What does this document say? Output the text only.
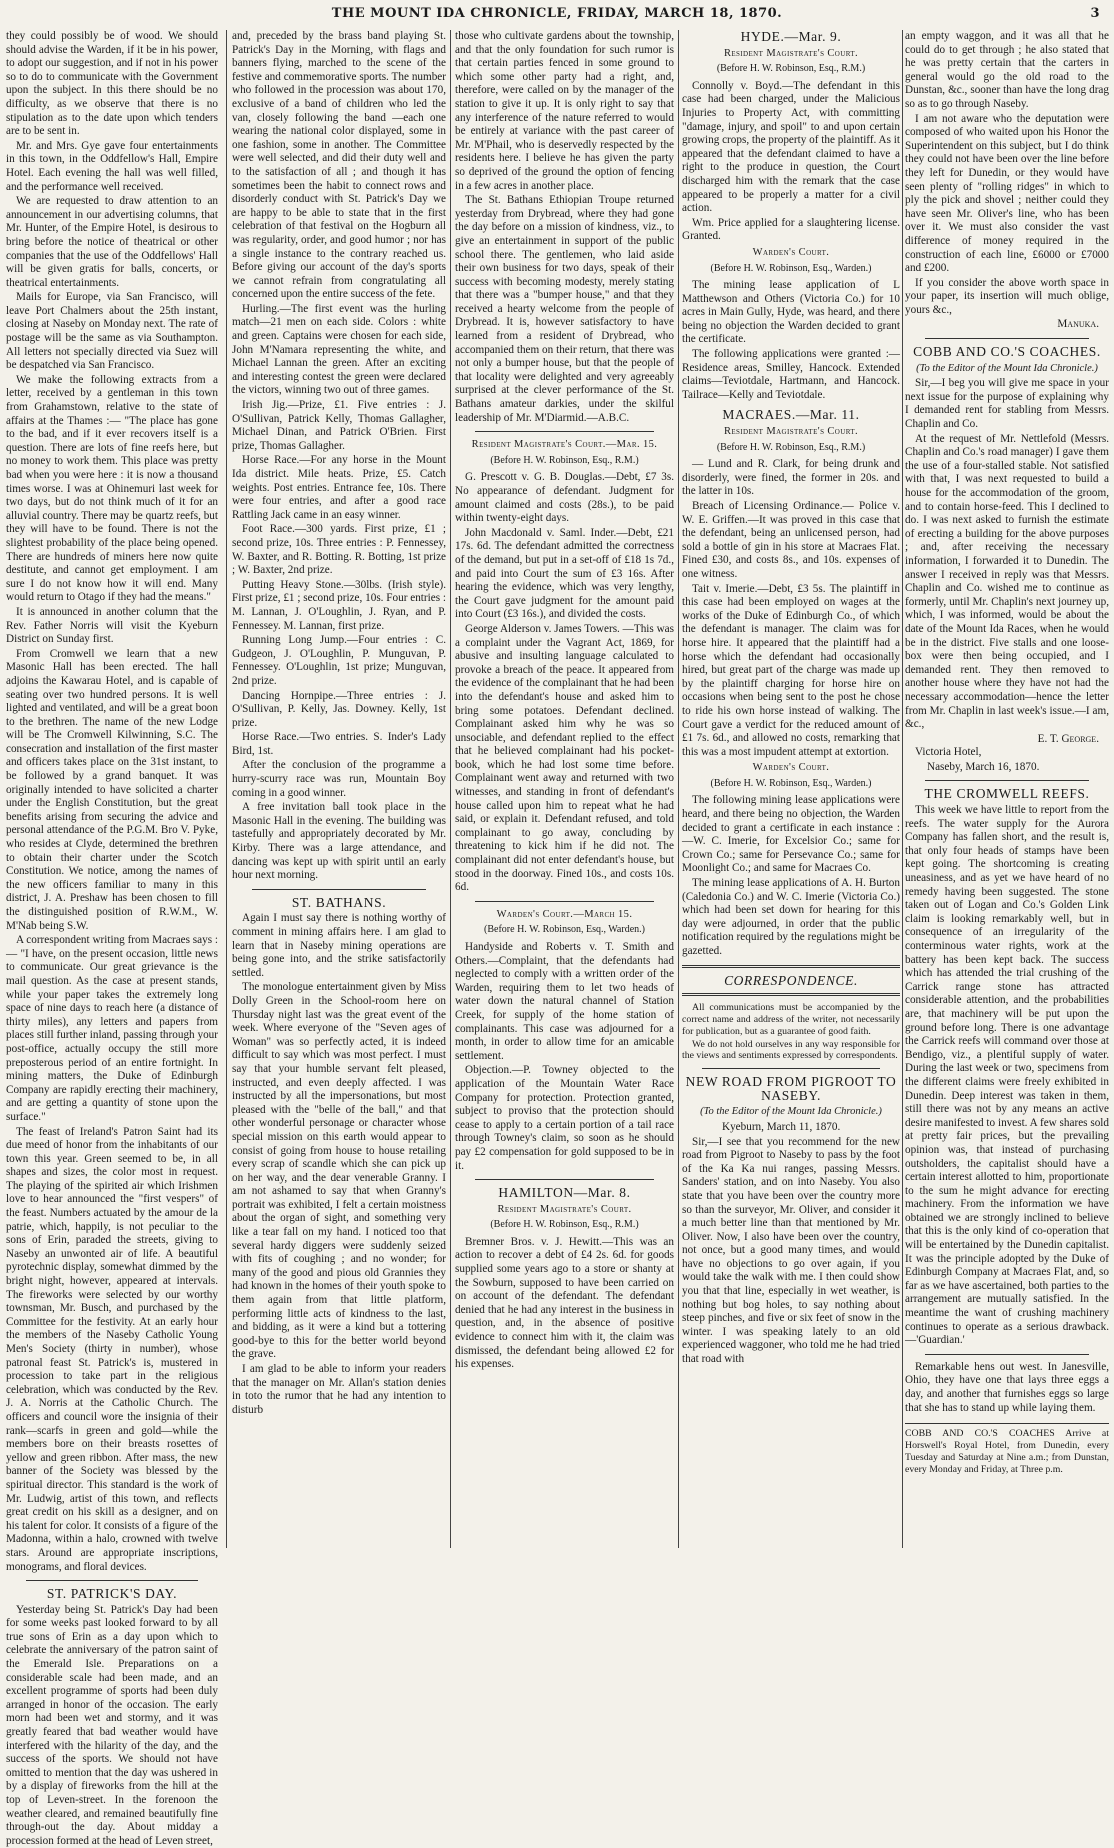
THE MOUNT IDA CHRONICLE, FRIDAY, MARCH 18, 1870.	3

they could possibly be of wood. We should should advise the Warden, if it be in his power, to adopt our suggestion, and if not in his power so to do to communicate with the Government upon the subject. In this there should be no difficulty, as we observe that there is no stipulation as to the date upon which tenders are to be sent in.

Mr. and Mrs. Gye gave four entertainments in this town, in the Oddfellow's Hall, Empire Hotel. Each evening the hall was well filled, and the performance well received.

We are requested to draw attention to an announcement in our advertising columns, that Mr. Hunter, of the Empire Hotel, is desirous to bring before the notice of theatrical or other companies that the use of the Oddfellows' Hall will be given gratis for balls, concerts, or theatrical entertainments.

Mails for Europe, via San Francisco, will leave Port Chalmers about the 25th instant, closing at Naseby on Monday next. The rate of postage will be the same as via Southampton. All letters not specially directed via Suez will be despatched via San Francisco.

We make the following extracts from a letter, received by a gentleman in this town from Grahamstown, relative to the state of affairs at the Thames :— "The place has gone to the bad, and if it ever recovers itself is a question. There are lots of fine reefs here, but no money to work them. This place was pretty bad when you were here : it is now a thousand times worse. I was at Ohinemuri last week for two days, but do not think much of it for an alluvial country. There may be quartz reefs, but they will have to be found. There is not the slightest probability of the place being opened. There are hundreds of miners here now quite destitute, and cannot get employment. I am sure I do not know how it will end. Many would return to Otago if they had the means."

It is announced in another column that the Rev. Father Norris will visit the Kyeburn District on Sunday first.

From Cromwell we learn that a new Masonic Hall has been erected. The hall adjoins the Kawarau Hotel, and is capable of seating over two hundred persons. It is well lighted and ventilated, and will be a great boon to the brethren. The name of the new Lodge will be The Cromwell Kilwinning, S.C. The consecration and installation of the first master and officers takes place on the 31st instant, to be followed by a grand banquet. It was originally intended to have solicited a charter under the English Constitution, but the great benefits arising from securing the advice and personal attendance of the P.G.M. Bro V. Pyke, who resides at Clyde, determined the brethren to obtain their charter under the Scotch Constitution. We notice, among the names of the new officers familiar to many in this district, J. A. Preshaw has been chosen to fill the distinguished position of R.W.M., W. M'Nab being S.W.

A correspondent writing from Macraes says :— "I have, on the present occasion, little news to communicate. Our great grievance is the mail question. As the case at present stands, while your paper takes the extremely long space of nine days to reach here (a distance of thirty miles), any letters and papers from places still further inland, passing through your post-office, actually occupy the still more preposterous period of an entire fortnight. In mining matters, the Duke of Edinburgh Company are rapidly erecting their machinery, and are getting a quantity of stone upon the surface."

The feast of Ireland's Patron Saint had its due meed of honor from the inhabitants of our town this year. Green seemed to be, in all shapes and sizes, the color most in request. The playing of the spirited air which Irishmen love to hear announced the "first vespers" of the feast. Numbers actuated by the amour de la patrie, which, happily, is not peculiar to the sons of Erin, paraded the streets, giving to Naseby an unwonted air of life. A beautiful pyrotechnic display, somewhat dimmed by the bright night, however, appeared at intervals. The fireworks were selected by our worthy townsman, Mr. Busch, and purchased by the Committee for the festivity. At an early hour the members of the Naseby Catholic Young Men's Society (thirty in number), whose patronal feast St. Patrick's is, mustered in procession to take part in the religious celebration, which was conducted by the Rev. J. A. Norris at the Catholic Church. The officers and council wore the insignia of their rank—scarfs in green and gold—while the members bore on their breasts rosettes of yellow and green ribbon. After mass, the new banner of the Society was blessed by the spiritual director. This standard is the work of Mr. Ludwig, artist of this town, and reflects great credit on his skill as a designer, and on his talent for color. It consists of a figure of the Madonna, within a halo, crowned with twelve stars. Around are appropriate inscriptions, monograms, and floral devices.

ST. PATRICK'S DAY.

Yesterday being St. Patrick's Day had been for some weeks past looked forward to by all true sons of Erin as a day upon which to celebrate the anniversary of the patron saint of the Emerald Isle. Preparations on a considerable scale had been made, and an excellent programme of sports had been duly arranged in honor of the occasion. The early morn had been wet and stormy, and it was greatly feared that bad weather would have interfered with the hilarity of the day, and the success of the sports. We should not have omitted to mention that the day was ushered in by a display of fireworks from the hill at the top of Leven-street. In the forenoon the weather cleared, and remained beautifully fine through-out the day. About midday a procession formed at the head of Leven street,

and, preceded by the brass band playing St. Patrick's Day in the Morning, with flags and banners flying, marched to the scene of the festive and commemorative sports. The number who followed in the procession was about 170, exclusive of a band of children who led the van, closely following the band —each one wearing the national color displayed, some in one fashion, some in another. The Committee were well selected, and did their duty well and to the satisfaction of all ; and though it has sometimes been the habit to connect rows and disorderly conduct with St. Patrick's Day we are happy to be able to state that in the first celebration of that festival on the Hogburn all was regularity, order, and good humor ; nor has a single instance to the contrary reached us. Before giving our account of the day's sports we cannot refrain from congratulating all concerned upon the entire success of the fete.

Hurling.—The first event was the hurling match—21 men on each side. Colors : white and green. Captains were chosen for each side, John M'Namara representing the white, and Michael Lannan the green. After an exciting and interesting contest the green were declared the victors, winning two out of three games.

Irish Jig.—Prize, £1. Five entries : J. O'Sullivan, Patrick Kelly, Thomas Gallagher, Michael Dinan, and Patrick O'Brien. First prize, Thomas Gallagher.

Horse Race.—For any horse in the Mount Ida district. Mile heats. Prize, £5. Catch weights. Post entries. Entrance fee, 10s. There were four entries, and after a good race Rattling Jack came in an easy winner.

Foot Race.—300 yards. First prize, £1 ; second prize, 10s. Three entries : P. Fennessey, W. Baxter, and R. Botting. R. Botting, 1st prize ; W. Baxter, 2nd prize.

Putting Heavy Stone.—30lbs. (Irish style). First prize, £1 ; second prize, 10s. Four entries : M. Lannan, J. O'Loughlin, J. Ryan, and P. Fennessey. M. Lannan, first prize.

Running Long Jump.—Four entries : C. Gudgeon, J. O'Loughlin, P. Munguvan, P. Fennessey. O'Loughlin, 1st prize; Munguvan, 2nd prize.

Dancing Hornpipe.—Three entries : J. O'Sullivan, P. Kelly, Jas. Downey. Kelly, 1st prize.

Horse Race.—Two entries. S. Inder's Lady Bird, 1st.

After the conclusion of the programme a hurry-scurry race was run, Mountain Boy coming in a good winner.

A free invitation ball took place in the Masonic Hall in the evening. The building was tastefully and appropriately decorated by Mr. Kirby. There was a large attendance, and dancing was kept up with spirit until an early hour next morning.

ST. BATHANS.

Again I must say there is nothing worthy of comment in mining affairs here. I am glad to learn that in Naseby mining operations are being gone into, and the strike satisfactorily settled.

The monologue entertainment given by Miss Dolly Green in the School-room here on Thursday night last was the great event of the week. Where everyone of the "Seven ages of Woman" was so perfectly acted, it is indeed difficult to say which was most perfect. I must say that your humble servant felt pleased, instructed, and even deeply affected. I was instructed by all the impersonations, but most pleased with the "belle of the ball," and that other wonderful personage or character whose special mission on this earth would appear to consist of going from house to house retailing every scrap of scandle which she can pick up on her way, and the dear venerable Granny. I am not ashamed to say that when Granny's portrait was exhibited, I felt a certain moistness about the organ of sight, and something very like a tear fall on my hand. I noticed too that several hardy diggers were suddenly seized with fits of coughing ; and no wonder; for many of the good and pious old Grannies they had known in the homes of their youth spoke to them again from that little platform, performing little acts of kindness to the last, and bidding, as it were a kind but a tottering good-bye to this for the better world beyond the grave.

I am glad to be able to inform your readers that the manager on Mr. Allan's station denies in toto the rumor that he had any intention to disturb

those who cultivate gardens about the township, and that the only foundation for such rumor is that certain parties fenced in some ground to which some other party had a right, and, therefore, were called on by the manager of the station to give it up. It is only right to say that any interference of the nature referred to would be entirely at variance with the past career of Mr. M'Phail, who is deservedly respected by the residents here. I believe he has given the party so deprived of the ground the option of fencing in a few acres in another place.

The St. Bathans Ethiopian Troupe returned yesterday from Drybread, where they had gone the day before on a mission of kindness, viz., to give an entertainment in support of the public school there. The gentlemen, who laid aside their own business for two days, speak of their success with becoming modesty, merely stating that there was a "bumper house," and that they received a hearty welcome from the people of Drybread. It is, however satisfactory to have learned from a resident of Drybread, who accompanied them on their return, that there was not only a bumper house, but that the people of that locality were delighted and very agreeably surprised at the clever performance of the St. Bathans amateur darkies, under the skilful leadership of Mr. M'Diarmid.—A.B.C.

Resident Magistrate's Court.—Mar. 15.
(Before H. W. Robinson, Esq., R.M.)

G. Prescott v. G. B. Douglas.—Debt, £7 3s. No appearance of defendant. Judgment for amount claimed and costs (28s.), to be paid within twenty-eight days.

John Macdonald v. Saml. Inder.—Debt, £21 17s. 6d. The defendant admitted the correctness of the demand, but put in a set-off of £18 1s 7d., and paid into Court the sum of £3 16s. After hearing the evidence, which was very lengthy, the Court gave judgment for the amount paid into Court (£3 16s.), and divided the costs.

George Alderson v. James Towers. —This was a complaint under the Vagrant Act, 1869, for abusive and insulting language calculated to provoke a breach of the peace. It appeared from the evidence of the complainant that he had been into the defendant's house and asked him to bring some potatoes. Defendant declined. Complainant asked him why he was so unsociable, and defendant replied to the effect that he believed complainant had his pocket-book, which he had lost some time before. Complainant went away and returned with two witnesses, and standing in front of defendant's house called upon him to repeat what he had said, or explain it. Defendant refused, and told complainant to go away, concluding by threatening to kick him if he did not. The complainant did not enter defendant's house, but stood in the doorway. Fined 10s., and costs 10s. 6d.

Warden's Court.—March 15.
(Before H. W. Robinson, Esq., Warden.)

Handyside and Roberts v. T. Smith and Others.—Complaint, that the defendants had neglected to comply with a written order of the Warden, requiring them to let two heads of water down the natural channel of Station Creek, for supply of the home station of complainants. This case was adjourned for a month, in order to allow time for an amicable settlement.

Objection.—P. Towney objected to the application of the Mountain Water Race Company for protection. Protection granted, subject to proviso that the protection should cease to apply to a certain portion of a tail race through Towney's claim, so soon as he should pay £2 compensation for gold supposed to be in it.

HAMILTON—Mar. 8.
Resident Magistrate's Court.
(Before H. W. Robinson, Esq., R.M.)

Bremner Bros. v. J. Hewitt.—This was an action to recover a debt of £4 2s. 6d. for goods supplied some years ago to a store or shanty at the Sowburn, supposed to have been carried on on account of the defendant. The defendant denied that he had any interest in the business in question, and, in the absence of positive evidence to connect him with it, the claim was dismissed, the defendant being allowed £2 for his expenses.

HYDE.—Mar. 9.
Resident Magistrate's Court.
(Before H. W. Robinson, Esq., R.M.)

Connolly v. Boyd.—The defendant in this case had been charged, under the Malicious Injuries to Property Act, with committing "damage, injury, and spoil" to and upon certain growing crops, the property of the plaintiff. As it appeared that the defendant claimed to have a right to the produce in question, the Court discharged him with the remark that the case appeared to be properly a matter for a civil action.

Wm. Price applied for a slaughtering license. Granted.

Warden's Court.
(Before H. W. Robinson, Esq., Warden.)

The mining lease application of L Matthewson and Others (Victoria Co.) for 10 acres in Main Gully, Hyde, was heard, and there being no objection the Warden decided to grant the certificate.

The following applications were granted :—Residence areas, Smilley, Hancock. Extended claims—Teviotdale, Hartmann, and Hancock. Tailrace—Kelly and Teviotdale.

MACRAES.—Mar. 11.
Resident Magistrate's Court.
(Before H. W. Robinson, Esq., R.M.)

— Lund and R. Clark, for being drunk and disorderly, were fined, the former in 20s. and the latter in 10s.

Breach of Licensing Ordinance.— Police v. W. E. Griffen.—It was proved in this case that the defendant, being an unlicensed person, had sold a bottle of gin in his store at Macraes Flat. Fined £30, and costs 8s., and 10s. expenses of one witness.

Tait v. Imerie.—Debt, £3 5s. The plaintiff in this case had been employed on wages at the works of the Duke of Edinburgh Co., of which the defendant is manager. The claim was for horse hire. It appeared that the plaintiff had a horse which the defendant had occasionally hired, but great part of the charge was made up by the plaintiff charging for horse hire on occasions when being sent to the post he chose to ride his own horse instead of walking. The Court gave a verdict for the reduced amount of £1 7s. 6d., and allowed no costs, remarking that this was a most impudent attempt at extortion.

Warden's Court.
(Before H. W. Robinson, Esq., Warden.)

The following mining lease applications were heard, and there being no objection, the Warden decided to grant a certificate in each instance :—W. C. Imerie, for Excelsior Co.; same for Crown Co.; same for Persevance Co.; same for Moonlight Co.; and same for Macraes Co.

The mining lease applications of A. H. Burton (Caledonia Co.) and W. C. Imerie (Victoria Co.) which had been set down for hearing for this day were adjourned, in order that the public notification required by the regulations might be gazetted.

CORRESPONDENCE.

All communications must be accompanied by the correct name and address of the writer, not necessarily for publication, but as a guarantee of good faith.

We do not hold ourselves in any way responsible for the views and sentiments expressed by correspondents.

NEW ROAD FROM PIGROOT TO NASEBY.
(To the Editor of the Mount Ida Chronicle.)

Kyeburn, March 11, 1870.

Sir,—I see that you recommend for the new road from Pigroot to Naseby to pass by the foot of the Ka Ka nui ranges, passing Messrs. Sanders' station, and on into Naseby. You also state that you have been over the country more so than the surveyor, Mr. Oliver, and consider it a much better line than that mentioned by Mr. Oliver. Now, I also have been over the country, not once, but a good many times, and would have no objections to go over again, if you would take the walk with me. I then could show you that that line, especially in wet weather, is nothing but bog holes, to say nothing about steep pinches, and five or six feet of snow in the winter. I was speaking lately to an old experienced waggoner, who told me he had tried that road with

an empty waggon, and it was all that he could do to get through ; he also stated that he was pretty certain that the carters in general would go the old road to the Dunstan, &c., sooner than have the long drag so as to go through Naseby.

I am not aware who the deputation were composed of who waited upon his Honor the Superintendent on this subject, but I do think they could not have been over the line before they left for Dunedin, or they would have seen plenty of "rolling ridges" in which to ply the pick and shovel ; neither could they have seen Mr. Oliver's line, who has been over it. We must also consider the vast difference of money required in the construction of each line, £6000 or £7000 and £200.

If you consider the above worth space in your paper, its insertion will much oblige, yours &c.,

Manuka.
COBB AND CO.'S COACHES.
(To the Editor of the Mount Ida Chronicle.)

Sir,—I beg you will give me space in your next issue for the purpose of explaining why I demanded rent for stabling from Messrs. Chaplin and Co.

At the request of Mr. Nettlefold (Messrs. Chaplin and Co.'s road manager) I gave them the use of a four-stalled stable. Not satisfied with that, I was next requested to build a house for the accommodation of the groom, and to contain horse-feed. This I declined to do. I was next asked to furnish the estimate of erecting a building for the above purposes ; and, after receiving the necessary information, I forwarded it to Dunedin. The answer I received in reply was that Messrs. Chaplin and Co. wished me to continue as formerly, until Mr. Chaplin's next journey up, which, I was informed, would be about the date of the Mount Ida Races, when he would be in the district. Five stalls and one loose-box were then being occupied, and I demanded rent. They then removed to another house where they have not had the necessary accommodation—hence the letter from Mr. Chaplin in last week's issue.—I am, &c.,

E. T. George.

Victoria Hotel,

Naseby, March 16, 1870.

THE CROMWELL REEFS.

This week we have little to report from the reefs. The water supply for the Aurora Company has fallen short, and the result is, that only four heads of stamps have been kept going. The shortcoming is creating uneasiness, and as yet we have heard of no remedy having been suggested. The stone taken out of Logan and Co.'s Golden Link claim is looking remarkably well, but in consequence of an irregularity of the conterminous water rights, work at the battery has been kept back. The success which has attended the trial crushing of the Carrick range stone has attracted considerable attention, and the probabilities are, that machinery will be put upon the ground before long. There is one advantage the Carrick reefs will command over those at Bendigo, viz., a plentiful supply of water. During the last week or two, specimens from the different claims were freely exhibited in Dunedin. Deep interest was taken in them, still there was not by any means an active desire manifested to invest. A few shares sold at pretty fair prices, but the prevailing opinion was, that instead of purchasing outsholders, the capitalist should have a certain interest allotted to him, proportionate to the sum he might advance for erecting machinery. From the information we have obtained we are strongly inclined to believe that this is the only kind of co-operation that will be entertained by the Dunedin capitalist. It was the principle adopted by the Duke of Edinburgh Company at Macraes Flat, and, so far as we have ascertained, both parties to the arrangement are mutually satisfied. In the meantime the want of crushing machinery continues to operate as a serious drawback.—'Guardian.'

Remarkable hens out west. In Janesville, Ohio, they have one that lays three eggs a day, and another that furnishes eggs so large that she has to stand up while laying them.

COBB AND CO.'S COACHES Arrive at Horswell's Royal Hotel, from Dunedin, every Tuesday and Saturday at Nine a.m.; from Dunstan, every Monday and Friday, at Three p.m.
